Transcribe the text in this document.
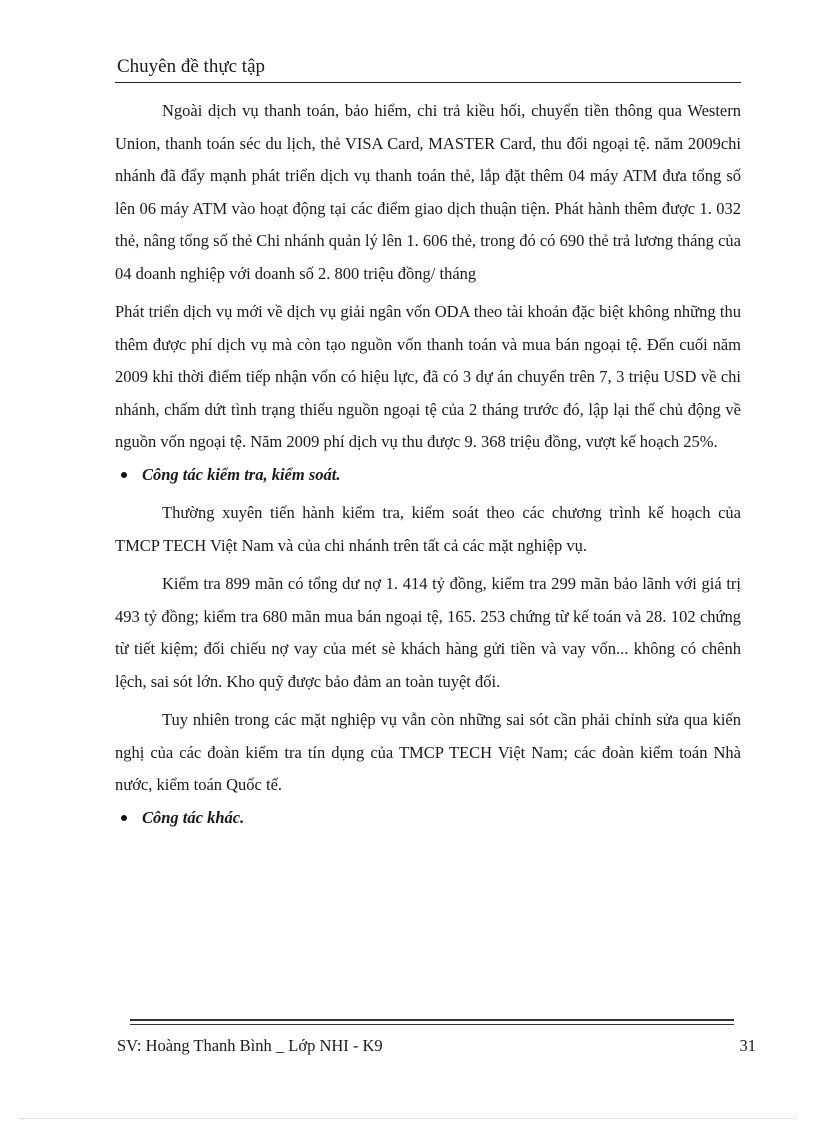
Chuyên đề thực tập

Ngoài dịch vụ thanh toán, bảo hiểm, chi trả kiều hối, chuyển tiền thông qua Western Union, thanh toán séc du lịch, thẻ VISA Card, MASTER Card, thu đổi ngoại tệ. năm 2009chi nhánh đã đẩy mạnh phát triển dịch vụ thanh toán thẻ, lắp đặt thêm 04 máy ATM đưa tổng số lên 06 máy ATM vào hoạt động tại các điểm giao dịch thuận tiện. Phát hành thêm được 1. 032 thẻ, nâng tổng số thẻ Chi nhánh quản lý lên 1. 606 thẻ, trong đó có 690 thẻ trả lương tháng của 04 doanh nghiệp với doanh số 2. 800 triệu đồng/ tháng

Phát triển dịch vụ mới về dịch vụ giải ngân vốn ODA theo tài khoản đặc biệt không những thu thêm được phí dịch vụ mà còn tạo nguồn vốn thanh toán và mua bán ngoại tệ. Đến cuối năm 2009 khi thời điểm tiếp nhận vốn có hiệu lực, đã có 3 dự án chuyển trên 7, 3 triệu USD về chi nhánh, chấm dứt tình trạng thiếu nguồn ngoại tệ của 2 tháng trước đó, lập lại thế chủ động về nguồn vốn ngoại tệ. Năm 2009 phí dịch vụ thu được 9. 368 triệu đồng, vượt kế hoạch 25%.

Công tác kiểm tra, kiểm soát.

Thường xuyên tiến hành kiểm tra, kiểm soát theo các chương trình kế hoạch của TMCP TECH Việt Nam và của chi nhánh trên tất cả các mặt nghiệp vụ.

Kiểm tra 899 mãn có tổng dư nợ 1. 414 tỷ đồng, kiểm tra 299 mãn bảo lãnh với giá trị 493 tỷ đồng; kiểm tra 680 mãn mua bán ngoại tệ, 165. 253 chứng từ kế toán và 28. 102 chứng từ tiết kiệm; đối chiếu nợ vay của mét sè khách hàng gửi tiền và vay vốn... không có chênh lệch, sai sót lớn. Kho quỹ được bảo đảm an toàn tuyệt đối.

Tuy nhiên trong các mặt nghiệp vụ vẫn còn những sai sót cần phải chỉnh sửa qua kiến nghị của các đoàn kiểm tra tín dụng của TMCP TECH Việt Nam; các đoàn kiểm toán Nhà nước, kiểm toán Quốc tế.

Công tác khác.
SV: Hoàng Thanh Bình _ Lớp NHI - K9	31
